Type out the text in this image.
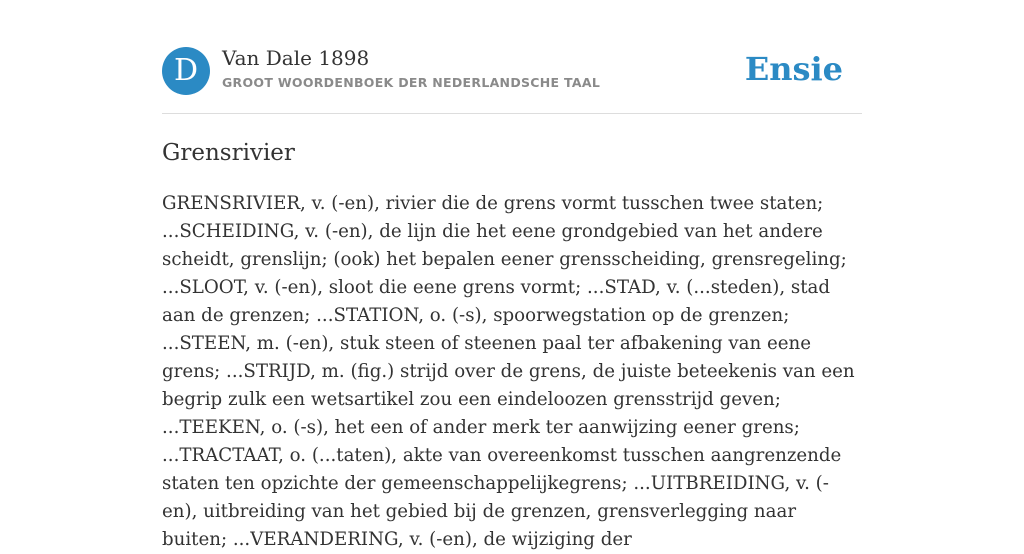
D	Van Dale 1898
GROOT WOORDENBOEK DER NEDERLANDSCHE TAAL	Ensie
Grensrivier

GRENSRIVIER, v. (-en), rivier die de grens vormt tusschen twee staten; ...SCHEIDING, v. (-en), de lijn die het eene grondgebied van het andere scheidt, grenslijn; (ook) het bepalen eener grensscheiding, grensregeling; ...SLOOT, v. (-en), sloot die eene grens vormt; ...STAD, v. (...steden), stad aan de grenzen; ...STATION, o. (-s), spoorwegstation op de grenzen; ...STEEN, m. (-en), stuk steen of steenen paal ter afbakening van eene grens; ...STRIJD, m. (fig.) strijd over de grens, de juiste beteekenis van een begrip zulk een wetsartikel zou een eindeloozen grensstrijd geven; ...TEEKEN, o. (-s), het een of ander merk ter aanwijzing eener grens; ...TRACTAAT, o. (...taten), akte van overeenkomst tusschen aangrenzende staten ten opzichte der gemeenschappelijkegrens; ...UITBREIDING, v. (-en), uitbreiding van het gebied bij de grenzen, grensverlegging naar buiten; ...VERANDERING, v. (-en), de wijziging der
